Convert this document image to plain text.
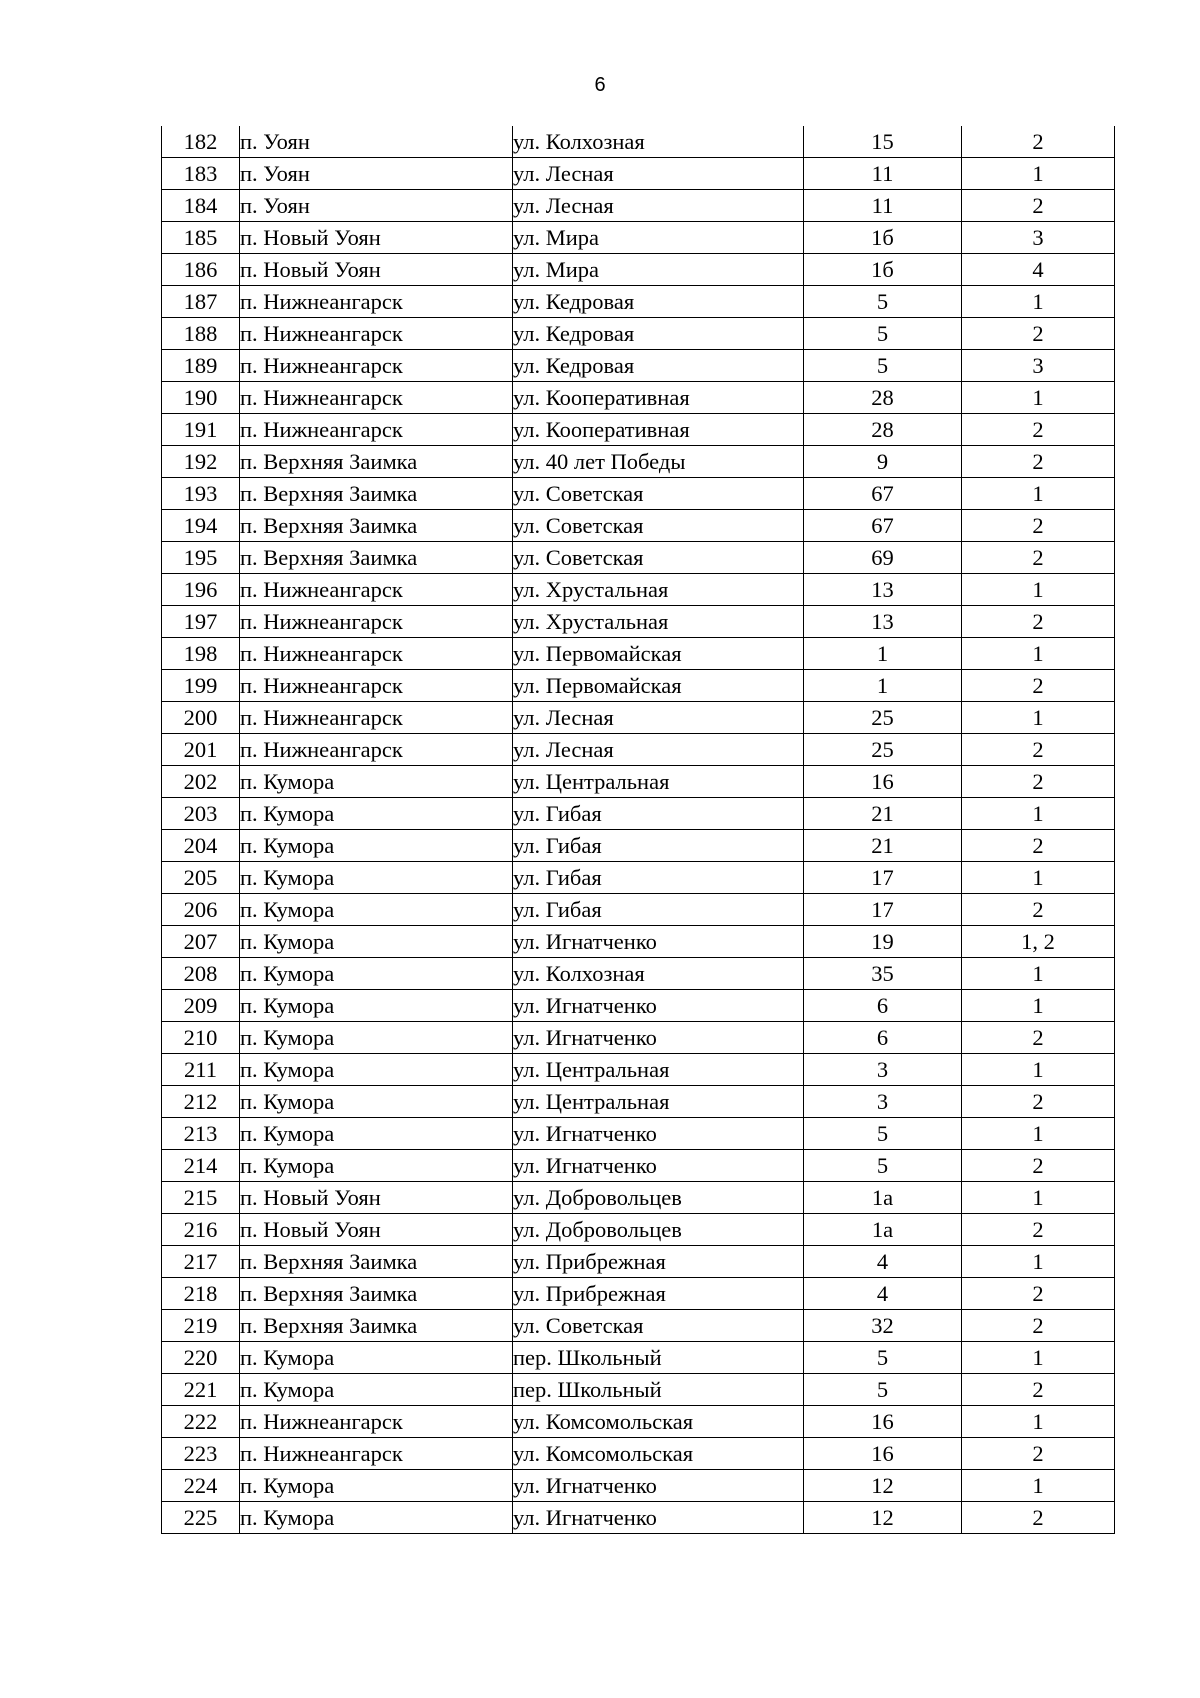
6
182	п. Уоян	ул. Колхозная	15	2
183	п. Уоян	ул. Лесная	11	1
184	п. Уоян	ул. Лесная	11	2
185	п. Новый Уоян	ул. Мира	1б	3
186	п. Новый Уоян	ул. Мира	1б	4
187	п. Нижнеангарск	ул. Кедровая	5	1
188	п. Нижнеангарск	ул. Кедровая	5	2
189	п. Нижнеангарск	ул. Кедровая	5	3
190	п. Нижнеангарск	ул. Кооперативная	28	1
191	п. Нижнеангарск	ул. Кооперативная	28	2
192	п. Верхняя Заимка	ул. 40 лет Победы	9	2
193	п. Верхняя Заимка	ул. Советская	67	1
194	п. Верхняя Заимка	ул. Советская	67	2
195	п. Верхняя Заимка	ул. Советская	69	2
196	п. Нижнеангарск	ул. Хрустальная	13	1
197	п. Нижнеангарск	ул. Хрустальная	13	2
198	п. Нижнеангарск	ул. Первомайская	1	1
199	п. Нижнеангарск	ул. Первомайская	1	2
200	п. Нижнеангарск	ул. Лесная	25	1
201	п. Нижнеангарск	ул. Лесная	25	2
202	п. Кумора	ул. Центральная	16	2
203	п. Кумора	ул. Гибая	21	1
204	п. Кумора	ул. Гибая	21	2
205	п. Кумора	ул. Гибая	17	1
206	п. Кумора	ул. Гибая	17	2
207	п. Кумора	ул. Игнатченко	19	1, 2
208	п. Кумора	ул. Колхозная	35	1
209	п. Кумора	ул. Игнатченко	6	1
210	п. Кумора	ул. Игнатченко	6	2
211	п. Кумора	ул. Центральная	3	1
212	п. Кумора	ул. Центральная	3	2
213	п. Кумора	ул. Игнатченко	5	1
214	п. Кумора	ул. Игнатченко	5	2
215	п. Новый Уоян	ул. Добровольцев	1а	1
216	п. Новый Уоян	ул. Добровольцев	1а	2
217	п. Верхняя Заимка	ул. Прибрежная	4	1
218	п. Верхняя Заимка	ул. Прибрежная	4	2
219	п. Верхняя Заимка	ул. Советская	32	2
220	п. Кумора	пер. Школьный	5	1
221	п. Кумора	пер. Школьный	5	2
222	п. Нижнеангарск	ул. Комсомольская	16	1
223	п. Нижнеангарск	ул. Комсомольская	16	2
224	п. Кумора	ул. Игнатченко	12	1
225	п. Кумора	ул. Игнатченко	12	2
